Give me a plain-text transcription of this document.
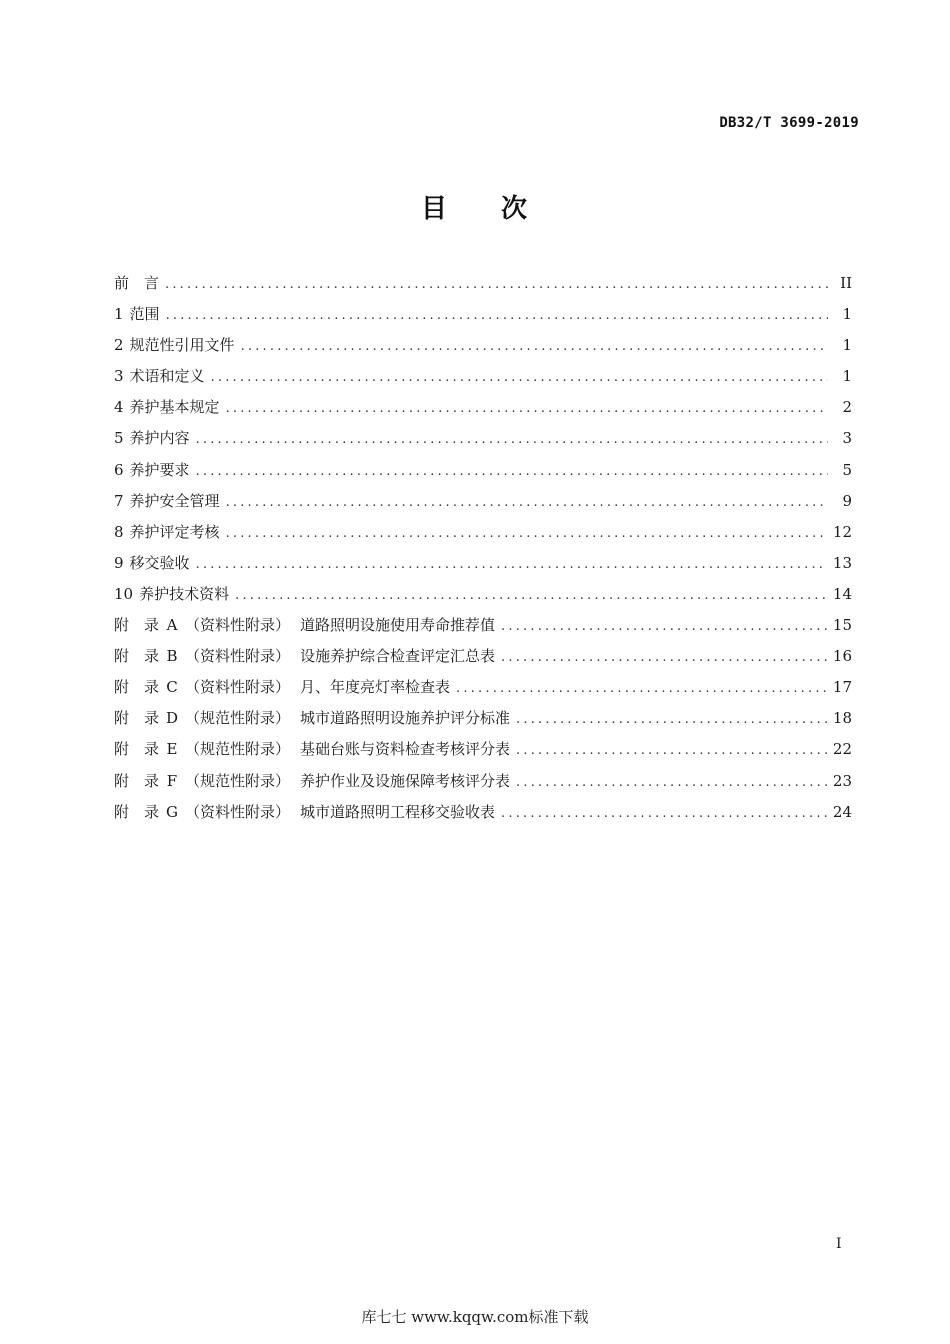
DB32/T 3699-2019
目 次
前　言 .....	II
1 范围 .....	1
2 规范性引用文件 .....	1
3 术语和定义 .....	1
4 养护基本规定 .....	2
5 养护内容 .....	3
6 养护要求 .....	5
7 养护安全管理 .....	9
8 养护评定考核 .....	12
9 移交验收 .....	13
10 养护技术资料 .....	14
附　录 A （资料性附录） 道路照明设施使用寿命推荐值 .....	15
附　录 B （资料性附录） 设施养护综合检查评定汇总表 .....	16
附　录 C （资料性附录） 月、年度亮灯率检查表 .....	17
附　录 D （规范性附录） 城市道路照明设施养护评分标准 .....	18
附　录 E （规范性附录） 基础台账与资料检查考核评分表 .....	22
附　录 F （规范性附录） 养护作业及设施保障考核评分表 .....	23
附　录 G （资料性附录） 城市道路照明工程移交验收表 .....	24
I
库七七 www.kqqw.com标准下载
